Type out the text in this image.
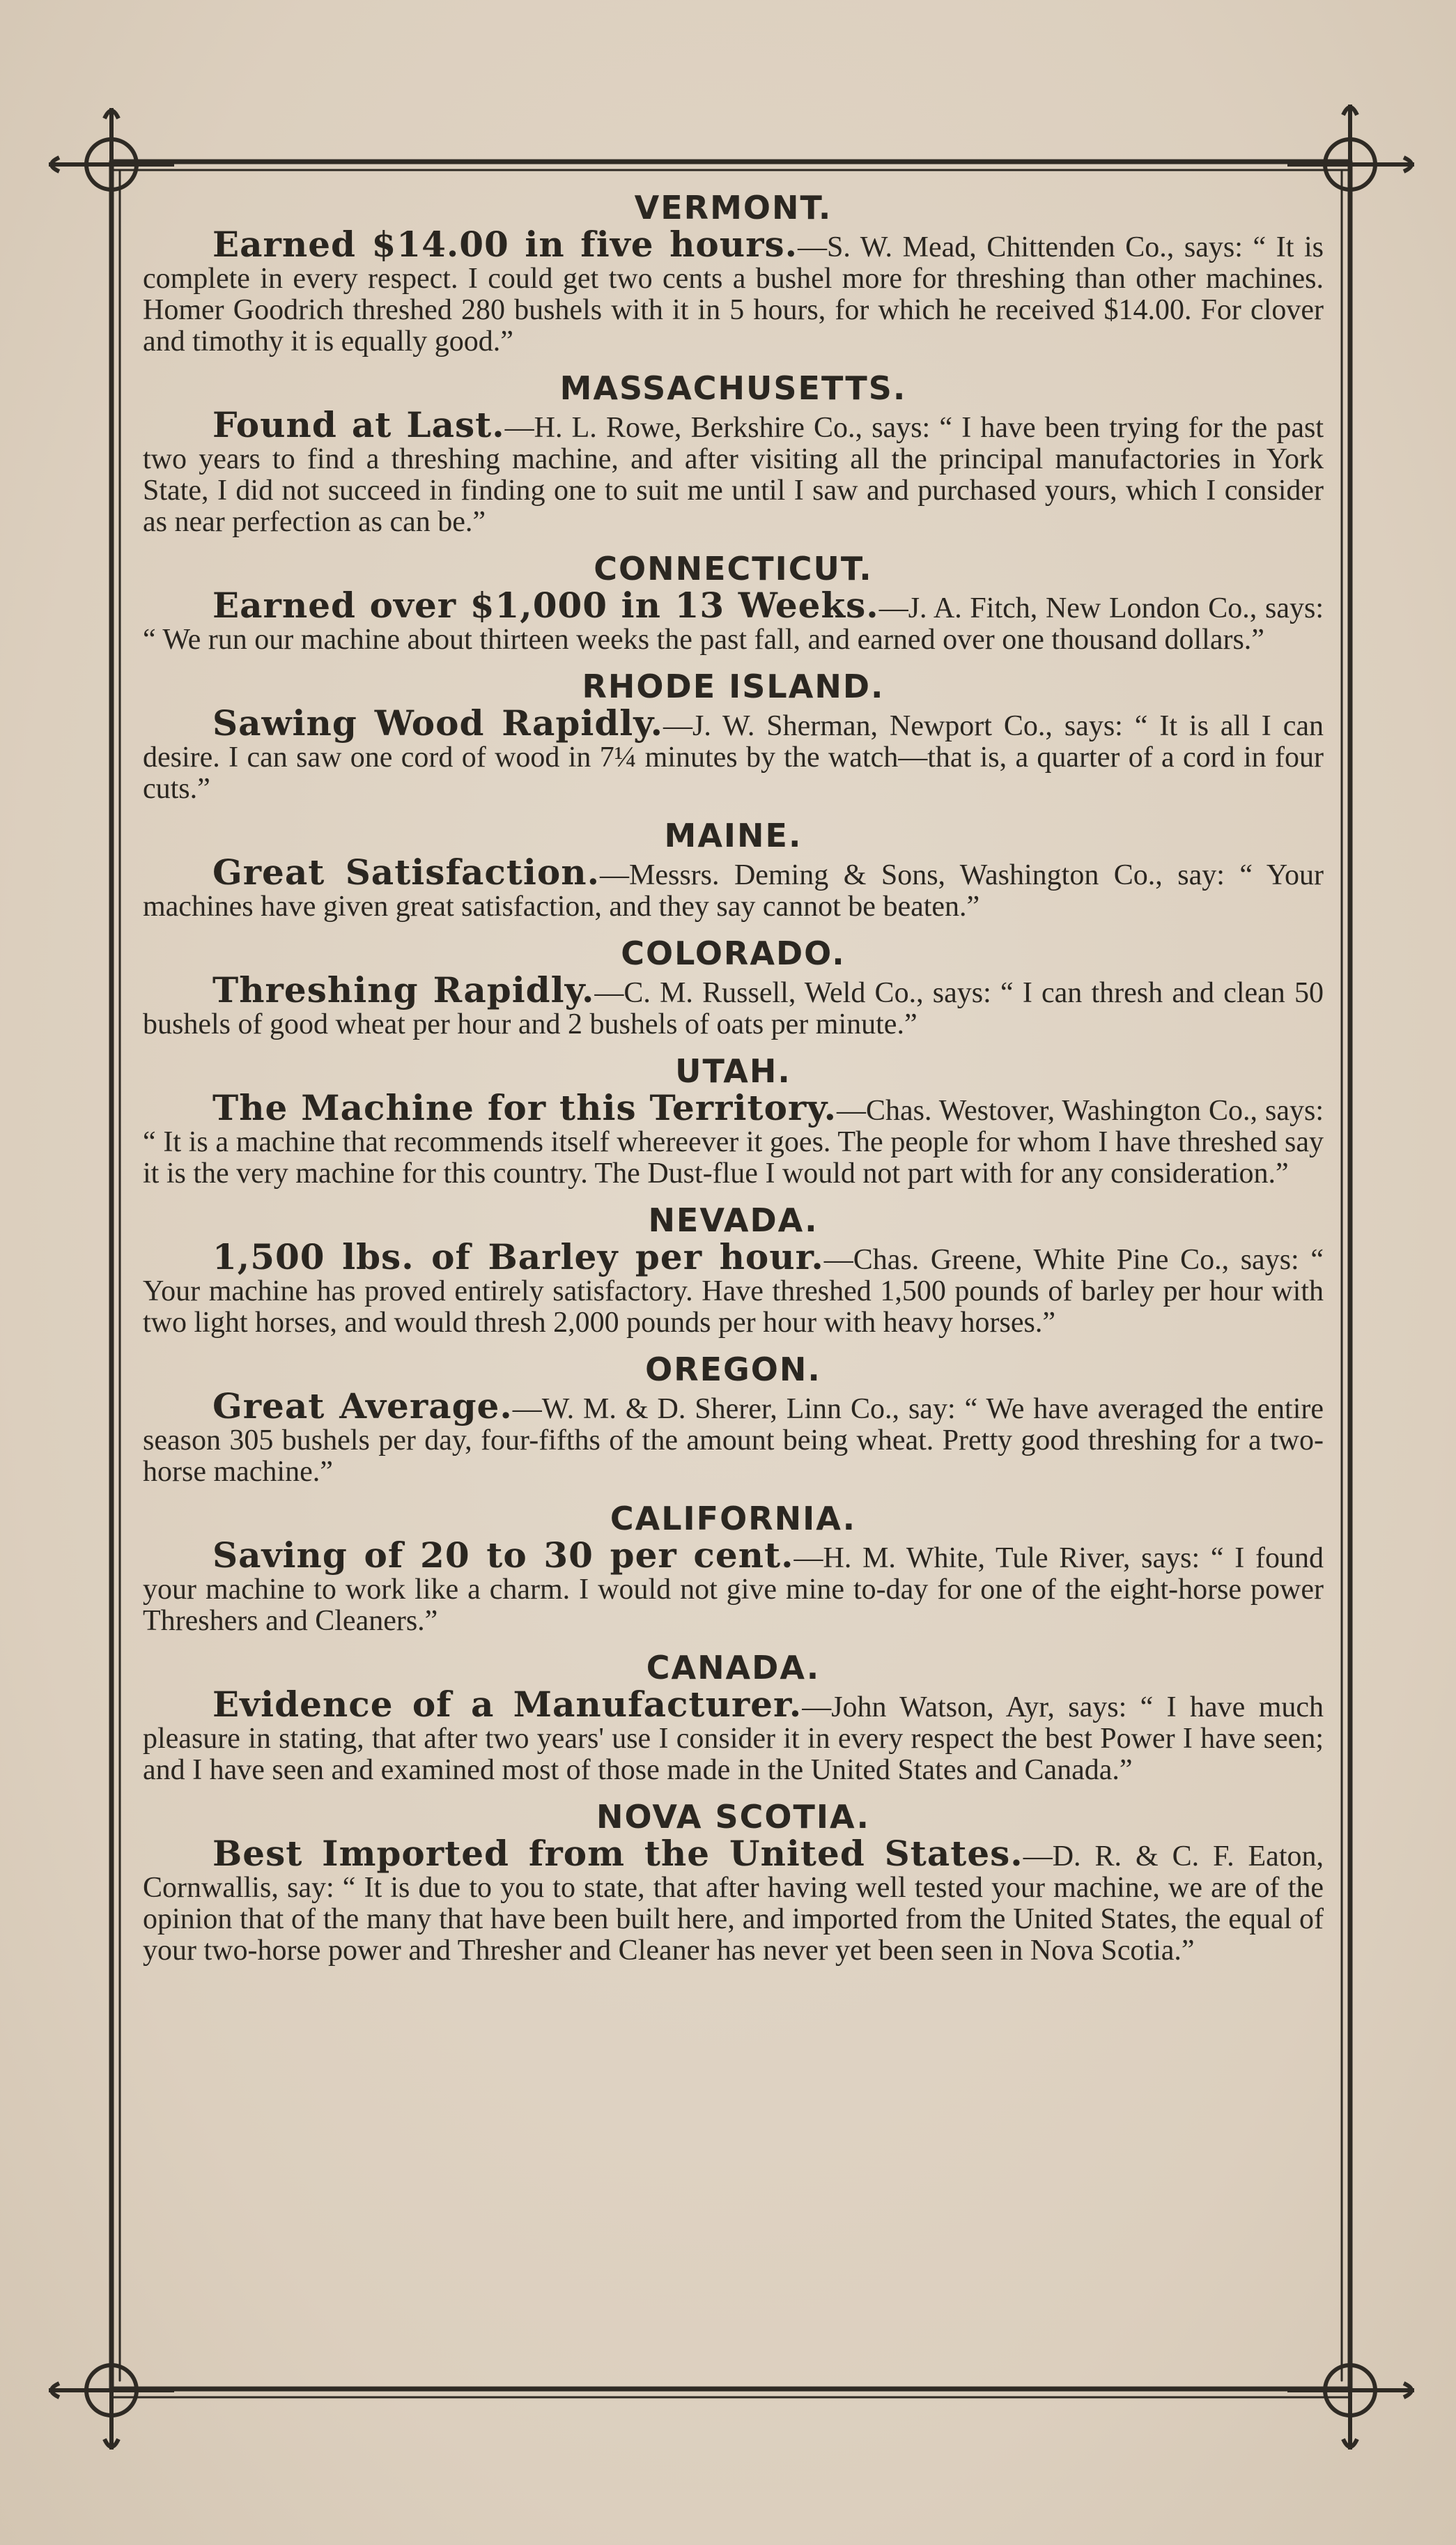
VERMONT.

Earned $14.00 in five hours.—S. W. Mead, Chittenden Co., says: “ It is complete in every respect. I could get two cents a bushel more for threshing than other machines. Homer Goodrich threshed 280 bushels with it in 5 hours, for which he received $14.00. For clover and timothy it is equally good.”

MASSACHUSETTS.

Found at Last.—H. L. Rowe, Berkshire Co., says: “ I have been trying for the past two years to find a threshing machine, and after visiting all the principal manufactories in York State, I did not succeed in finding one to suit me until I saw and purchased yours, which I consider as near perfection as can be.”

CONNECTICUT.

Earned over $1,000 in 13 Weeks.—J. A. Fitch, New London Co., says: “ We run our machine about thirteen weeks the past fall, and earned over one thousand dollars.”

RHODE ISLAND.

Sawing Wood Rapidly.—J. W. Sherman, Newport Co., says: “ It is all I can desire. I can saw one cord of wood in 7¼ minutes by the watch—that is, a quarter of a cord in four cuts.”

MAINE.

Great Satisfaction.—Messrs. Deming & Sons, Washington Co., say: “ Your machines have given great satisfaction, and they say cannot be beaten.”

COLORADO.

Threshing Rapidly.—C. M. Russell, Weld Co., says: “ I can thresh and clean 50 bushels of good wheat per hour and 2 bushels of oats per minute.”

UTAH.

The Machine for this Territory.—Chas. Westover, Washington Co., says: “ It is a machine that recommends itself whereever it goes. The people for whom I have threshed say it is the very machine for this country. The Dust-flue I would not part with for any consideration.”

NEVADA.

1,500 lbs. of Barley per hour.—Chas. Greene, White Pine Co., says: “ Your machine has proved entirely satisfactory. Have threshed 1,500 pounds of barley per hour with two light horses, and would thresh 2,000 pounds per hour with heavy horses.”

OREGON.

Great Average.—W. M. & D. Sherer, Linn Co., say: “ We have averaged the entire season 305 bushels per day, four-fifths of the amount being wheat. Pretty good threshing for a two-horse machine.”

CALIFORNIA.

Saving of 20 to 30 per cent.—H. M. White, Tule River, says: “ I found your machine to work like a charm. I would not give mine to-day for one of the eight-horse power Threshers and Cleaners.”

CANADA.

Evidence of a Manufacturer.—John Watson, Ayr, says: “ I have much pleasure in stating, that after two years' use I consider it in every respect the best Power I have seen; and I have seen and examined most of those made in the United States and Canada.”

NOVA SCOTIA.

Best Imported from the United States.—D. R. & C. F. Eaton, Cornwallis, say: “ It is due to you to state, that after having well tested your machine, we are of the opinion that of the many that have been built here, and imported from the United States, the equal of your two-horse power and Thresher and Cleaner has never yet been seen in Nova Scotia.”
